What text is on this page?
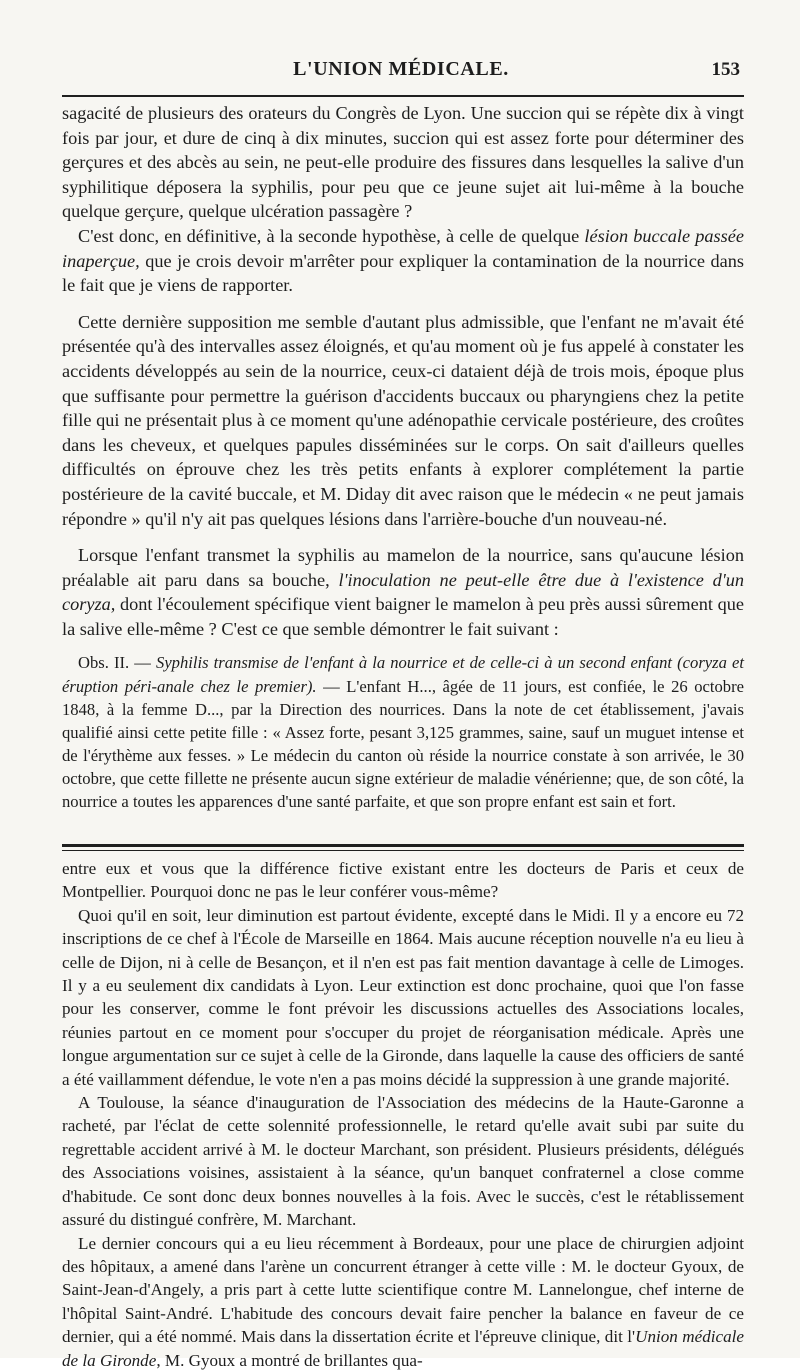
L'UNION MÉDICALE.	153

sagacité de plusieurs des orateurs du Congrès de Lyon. Une succion qui se répète dix à vingt fois par jour, et dure de cinq à dix minutes, succion qui est assez forte pour déterminer des gerçures et des abcès au sein, ne peut-elle produire des fissures dans lesquelles la salive d'un syphilitique déposera la syphilis, pour peu que ce jeune sujet ait lui-même à la bouche quelque gerçure, quelque ulcération passagère ?

C'est donc, en définitive, à la seconde hypothèse, à celle de quelque lésion buccale passée inaperçue, que je crois devoir m'arrêter pour expliquer la contamination de la nourrice dans le fait que je viens de rapporter.

Cette dernière supposition me semble d'autant plus admissible, que l'enfant ne m'avait été présentée qu'à des intervalles assez éloignés, et qu'au moment où je fus appelé à constater les accidents développés au sein de la nourrice, ceux-ci dataient déjà de trois mois, époque plus que suffisante pour permettre la guérison d'accidents buccaux ou pharyngiens chez la petite fille qui ne présentait plus à ce moment qu'une adénopathie cervicale postérieure, des croûtes dans les cheveux, et quelques papules disséminées sur le corps. On sait d'ailleurs quelles difficultés on éprouve chez les très petits enfants à explorer complétement la partie postérieure de la cavité buccale, et M. Diday dit avec raison que le médecin « ne peut jamais répondre » qu'il n'y ait pas quelques lésions dans l'arrière-bouche d'un nouveau-né.

Lorsque l'enfant transmet la syphilis au mamelon de la nourrice, sans qu'aucune lésion préalable ait paru dans sa bouche, l'inoculation ne peut-elle être due à l'existence d'un coryza, dont l'écoulement spécifique vient baigner le mamelon à peu près aussi sûrement que la salive elle-même ? C'est ce que semble démontrer le fait suivant :

Obs. II. — Syphilis transmise de l'enfant à la nourrice et de celle-ci à un second enfant (coryza et éruption péri-anale chez le premier). — L'enfant H..., âgée de 11 jours, est confiée, le 26 octobre 1848, à la femme D..., par la Direction des nourrices. Dans la note de cet établissement, j'avais qualifié ainsi cette petite fille : « Assez forte, pesant 3,125 grammes, saine, sauf un muguet intense et de l'érythème aux fesses. » Le médecin du canton où réside la nourrice constate à son arrivée, le 30 octobre, que cette fillette ne présente aucun signe extérieur de maladie vénérienne; que, de son côté, la nourrice a toutes les apparences d'une santé parfaite, et que son propre enfant est sain et fort.

entre eux et vous que la différence fictive existant entre les docteurs de Paris et ceux de Montpellier. Pourquoi donc ne pas le leur conférer vous-même?

Quoi qu'il en soit, leur diminution est partout évidente, excepté dans le Midi. Il y a encore eu 72 inscriptions de ce chef à l'École de Marseille en 1864. Mais aucune réception nouvelle n'a eu lieu à celle de Dijon, ni à celle de Besançon, et il n'en est pas fait mention davantage à celle de Limoges. Il y a eu seulement dix candidats à Lyon. Leur extinction est donc prochaine, quoi que l'on fasse pour les conserver, comme le font prévoir les discussions actuelles des Associations locales, réunies partout en ce moment pour s'occuper du projet de réorganisation médicale. Après une longue argumentation sur ce sujet à celle de la Gironde, dans laquelle la cause des officiers de santé a été vaillamment défendue, le vote n'en a pas moins décidé la suppression à une grande majorité.

A Toulouse, la séance d'inauguration de l'Association des médecins de la Haute-Garonne a racheté, par l'éclat de cette solennité professionnelle, le retard qu'elle avait subi par suite du regrettable accident arrivé à M. le docteur Marchant, son président. Plusieurs présidents, délégués des Associations voisines, assistaient à la séance, qu'un banquet confraternel a close comme d'habitude. Ce sont donc deux bonnes nouvelles à la fois. Avec le succès, c'est le rétablissement assuré du distingué confrère, M. Marchant.

Le dernier concours qui a eu lieu récemment à Bordeaux, pour une place de chirurgien adjoint des hôpitaux, a amené dans l'arène un concurrent étranger à cette ville : M. le docteur Gyoux, de Saint-Jean-d'Angely, a pris part à cette lutte scientifique contre M. Lannelongue, chef interne de l'hôpital Saint-André. L'habitude des concours devait faire pencher la balance en faveur de ce dernier, qui a été nommé. Mais dans la dissertation écrite et l'épreuve clinique, dit l'Union médicale de la Gironde, M. Gyoux a montré de brillantes qua-
